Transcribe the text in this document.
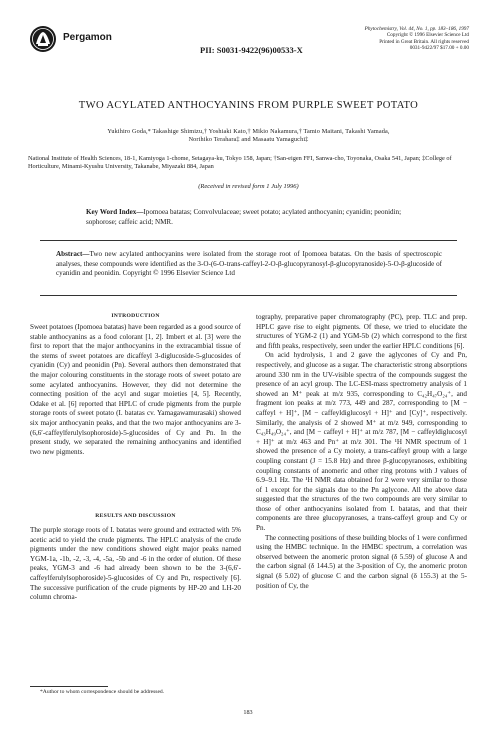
Pergamon
PII: S0031-9422(96)00533-X
Phytochemistry, Vol. 44, No. 1, pp. 183–186, 1997
Copyright © 1996 Elsevier Science Ltd
Printed in Great Britain. All rights reserved
0031-9422/97 $17.00 + 0.00
TWO ACYLATED ANTHOCYANINS FROM PURPLE SWEET POTATO
Yukihiro Goda,* Takashige Shimizu,† Yoshiaki Kato,† Mikio Nakamura,† Tamio Maitani, Takashi Yamada,
Norihiko Terahara‡ and Masaatu Yamaguchi‡
National Institute of Health Sciences, 18-1, Kamiyoga 1-chome, Setagaya-ku, Tokyo 158, Japan; †San-eigen FFI, Sanwa-cho, Toyonaka, Osaka 541, Japan; ‡College of Horticulture, Minami-Kyushu University, Takanabe, Miyazaki 884, Japan
(Received in revised form 1 July 1996)
Key Word Index—Ipomoea batatas; Convolvulaceae; sweet potato; acylated anthocyanin; cyanidin; peonidin; sophorose; caffeic acid; NMR.
Abstract—Two new acylated anthocyanins were isolated from the storage root of Ipomoea batatas. On the basis of spectroscopic analyses, these compounds were identified as the 3-O-(6-O-trans-caffeyl-2-O-β-glucopyranosyl-β-glucopyranoside)-5-O-β-glucoside of cyanidin and peonidin. Copyright © 1996 Elsevier Science Ltd
INTRODUCTION

Sweet potatoes (Ipomoea batatas) have been regarded as a good source of stable anthocyanins as a food colorant [1, 2]. Imbert et al. [3] were the first to report that the major anthocyanins in the extracambial tissue of the stems of sweet potatoes are dicaffeyl 3-diglucoside-5-glucosides of cyanidin (Cy) and peonidin (Pn). Several authors then demonstrated that the major colouring constituents in the storage roots of sweet potato are some acylated anthocyanins. However, they did not determine the connecting position of the acyl and sugar moieties [4, 5]. Recently, Odake et al. [6] reported that HPLC of crude pigments from the purple storage roots of sweet potato (I. batatas cv. Yamagawamurasaki) showed six major anthocyanin peaks, and that the two major anthocyanins are 3-(6,6′-caffeylferulylsophoroside)-5-glucosides of Cy and Pn. In the present study, we separated the remaining anthocyanins and identified two new pigments.

RESULTS AND DISCUSSION

The purple storage roots of I. batatas were ground and extracted with 5% acetic acid to yield the crude pigments. The HPLC analysis of the crude pigments under the new conditions showed eight major peaks named YGM-1a, -1b, -2, -3, -4, -5a, -5b and -6 in the order of elution. Of these peaks, YGM-3 and -6 had already been shown to be the 3-(6,6′-caffeylferulylsophoroside)-5-glucosides of Cy and Pn, respectively [6]. The successive purification of the crude pigments by HP-20 and LH-20 column chroma-

*Author to whom correspondence should be addressed.

tography, preparative paper chromatography (PC), prep. TLC and prep. HPLC gave rise to eight pigments. Of these, we tried to elucidate the structures of YGM-2 (1) and YGM-5b (2) which correspond to the first and fifth peaks, respectively, seen under the earlier HPLC conditions [6].

On acid hydrolysis, 1 and 2 gave the aglycones of Cy and Pn, respectively, and glucose as a sugar. The characteristic strong absorptions around 330 nm in the UV-visible spectra of the compounds suggest the presence of an acyl group. The LC-ESI-mass spectrometry analysis of 1 showed an M⁺ peak at m/z 935, corresponding to C₄₂H₄₇O₂₄⁺, and fragment ion peaks at m/z 773, 449 and 287, corresponding to [M − caffeyl + H]⁺, [M − caffeyldiglucosyl + H]⁺ and [Cy]⁺, respectively. Similarly, the analysis of 2 showed M⁺ at m/z 949, corresponding to C₄₃H₄₉O₂₄⁺, and [M − caffeyl + H]⁺ at m/z 787, [M − caffeyldiglucosyl + H]⁺ at m/z 463 and Pn⁺ at m/z 301. The ¹H NMR spectrum of 1 showed the presence of a Cy moiety, a trans-caffeyl group with a large coupling constant (J = 15.8 Hz) and three β-glucopyranoses, exhibiting coupling constants of anomeric and other ring protons with J values of 6.9–9.1 Hz. The ¹H NMR data obtained for 2 were very similar to those of 1 except for the signals due to the Pn aglycone. All the above data suggested that the structures of the two compounds are very similar to those of other anthocyanins isolated from I. batatas, and that their components are three glucopyranoses, a trans-caffeyl group and Cy or Pn.

The connecting positions of these building blocks of 1 were confirmed using the HMBC technique. In the HMBC spectrum, a correlation was observed between the anomeric proton signal (δ 5.59) of glucose A and the carbon signal (δ 144.5) at the 3-position of Cy, the anomeric proton signal (δ 5.02) of glucose C and the carbon signal (δ 155.3) at the 5-position of Cy, the

183
